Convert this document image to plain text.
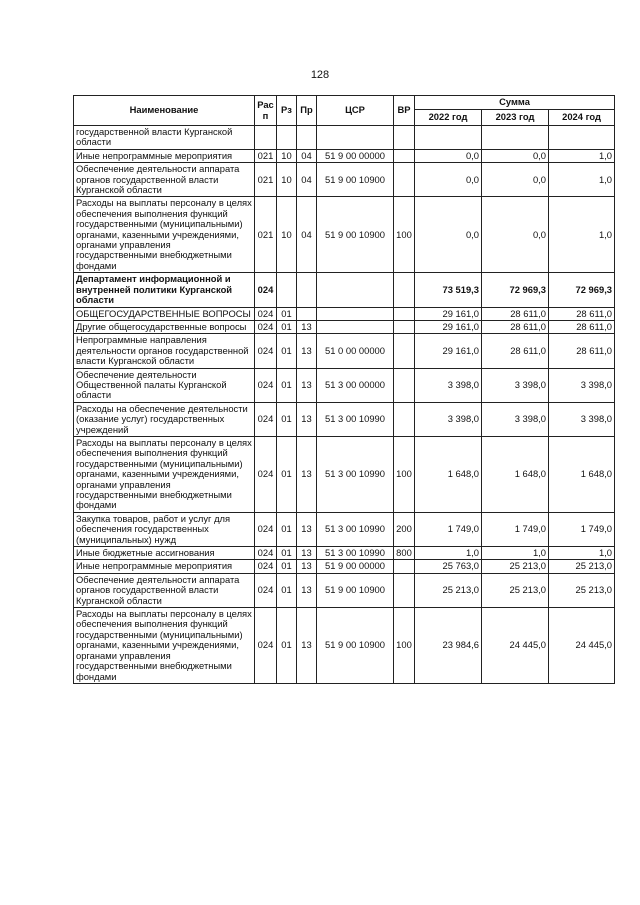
128
Наименование	Рас п	Рз	Пр	ЦСР	ВР	Сумма		
						2022 год	2023 год	2024 год
государственной власти Курганской области								
Иные непрограммные мероприятия	021	10	04	51 9 00 00000		0,0	0,0	1,0
Обеспечение деятельности аппарата органов государственной власти Курганской области	021	10	04	51 9 00 10900		0,0	0,0	1,0
Расходы на выплаты персоналу в целях обеспечения выполнения функций государственными (муниципальными) органами, казенными учреждениями, органами управления государственными внебюджетными фондами	021	10	04	51 9 00 10900	100	0,0	0,0	1,0
Департамент информационной и внутренней политики Курганской области	024					73 519,3	72 969,3	72 969,3
ОБЩЕГОСУДАРСТВЕННЫЕ ВОПРОСЫ	024	01				29 161,0	28 611,0	28 611,0
Другие общегосударственные вопросы	024	01	13			29 161,0	28 611,0	28 611,0
Непрограммные направления деятельности органов государственной власти Курганской области	024	01	13	51 0 00 00000		29 161,0	28 611,0	28 611,0
Обеспечение деятельности Общественной палаты Курганской области	024	01	13	51 3 00 00000		3 398,0	3 398,0	3 398,0
Расходы на обеспечение деятельности (оказание услуг) государственных учреждений	024	01	13	51 3 00 10990		3 398,0	3 398,0	3 398,0
Расходы на выплаты персоналу в целях обеспечения выполнения функций государственными (муниципальными) органами, казенными учреждениями, органами управления государственными внебюджетными фондами	024	01	13	51 3 00 10990	100	1 648,0	1 648,0	1 648,0
Закупка товаров, работ и услуг для обеспечения государственных (муниципальных) нужд	024	01	13	51 3 00 10990	200	1 749,0	1 749,0	1 749,0
Иные бюджетные ассигнования	024	01	13	51 3 00 10990	800	1,0	1,0	1,0
Иные непрограммные мероприятия	024	01	13	51 9 00 00000		25 763,0	25 213,0	25 213,0
Обеспечение деятельности аппарата органов государственной власти Курганской области	024	01	13	51 9 00 10900		25 213,0	25 213,0	25 213,0
Расходы на выплаты персоналу в целях обеспечения выполнения функций государственными (муниципальными) органами, казенными учреждениями, органами управления государственными внебюджетными фондами	024	01	13	51 9 00 10900	100	23 984,6	24 445,0	24 445,0
